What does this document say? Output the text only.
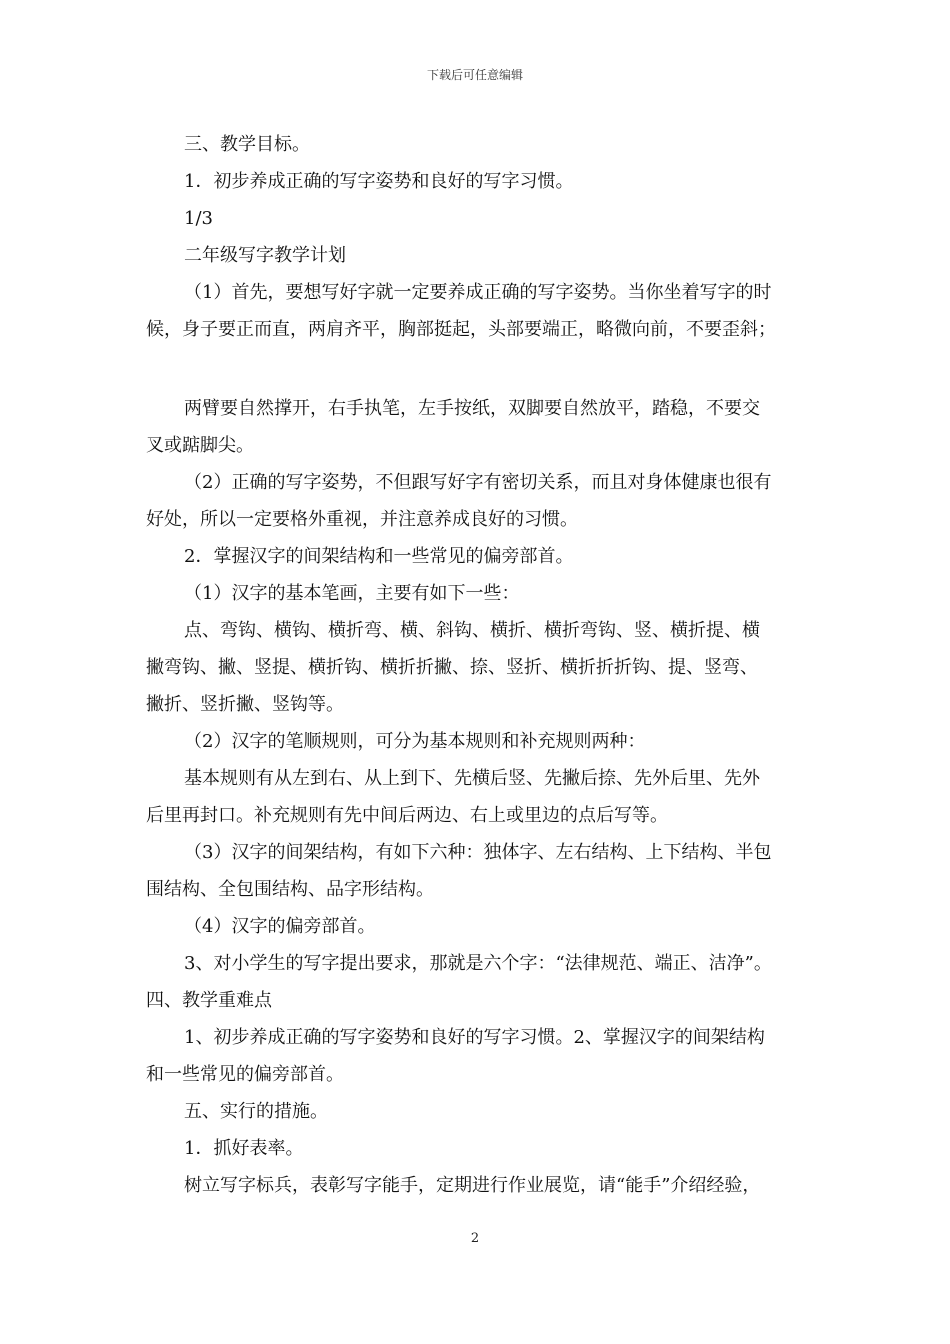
下载后可任意编辑

三、教学目标。

1．初步养成正确的写字姿势和良好的写字习惯。

1/3

二年级写字教学计划

（1）首先，要想写好字就一定要养成正确的写字姿势。当你坐着写字的时

候，身子要正而直，两肩齐平，胸部挺起，头部要端正，略微向前，不要歪斜；

两臂要自然撑开，右手执笔，左手按纸，双脚要自然放平，踏稳，不要交

叉或踮脚尖。

（2）正确的写字姿势，不但跟写好字有密切关系，而且对身体健康也很有

好处，所以一定要格外重视，并注意养成良好的习惯。

2．掌握汉字的间架结构和一些常见的偏旁部首。

（1）汉字的基本笔画，主要有如下一些：

点、弯钩、横钩、横折弯、横、斜钩、横折、横折弯钩、竖、横折提、横

撇弯钩、撇、竖提、横折钩、横折折撇、捺、竖折、横折折折钩、提、竖弯、

撇折、竖折撇、竖钩等。

（2）汉字的笔顺规则，可分为基本规则和补充规则两种：

基本规则有从左到右、从上到下、先横后竖、先撇后捺、先外后里、先外

后里再封口。补充规则有先中间后两边、右上或里边的点后写等。

（3）汉字的间架结构，有如下六种：独体字、左右结构、上下结构、半包

围结构、全包围结构、品字形结构。

（4）汉字的偏旁部首。

3、对小学生的写字提出要求，那就是六个字：“法律规范、端正、洁净”。

四、教学重难点

1、初步养成正确的写字姿势和良好的写字习惯。2、掌握汉字的间架结构

和一些常见的偏旁部首。

五、实行的措施。

1．抓好表率。

树立写字标兵，表彰写字能手，定期进行作业展览，请“能手”介绍经验，

2
